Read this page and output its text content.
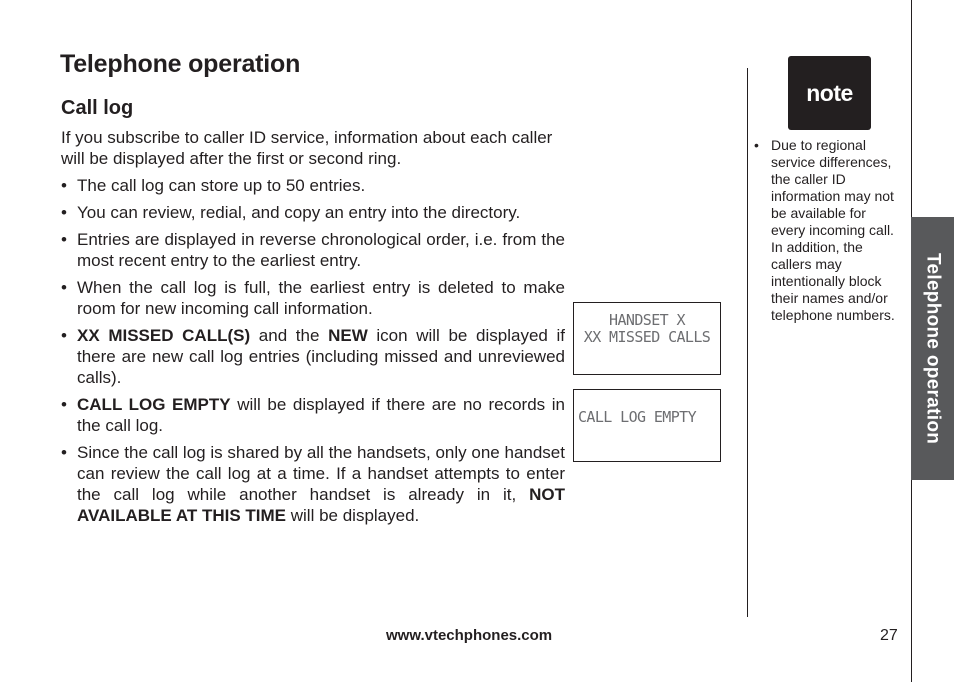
Telephone operation
Call log

If you subscribe to caller ID service, information about each caller will be displayed after the first or second ring.

• The call log can store up to 50 entries.
• You can review, redial, and copy an entry into the directory.
• Entries are displayed in reverse chronological order, i.e. from the most recent entry to the earliest entry.
• When the call log is full, the earliest entry is deleted to make room for new incoming call information.
• XX MISSED CALL(S) and the NEW icon will be displayed if there are new call log entries (including missed and unreviewed calls).
• CALL LOG EMPTY will be displayed if there are no records in the call log.
• Since the call log is shared by all the handsets, only one handset can review the call log at a time. If a handset attempts to enter the call log while another handset is already in it, NOT AVAILABLE AT THIS TIME will be displayed.
HANDSET X
XX MISSED CALLS
CALL LOG EMPTY
note
• Due to regional service differences, the caller ID information may not be available for every incoming call. In addition, the callers may intentionally block their names and/or telephone numbers. Telephone operation
www.vtechphones.com	27
